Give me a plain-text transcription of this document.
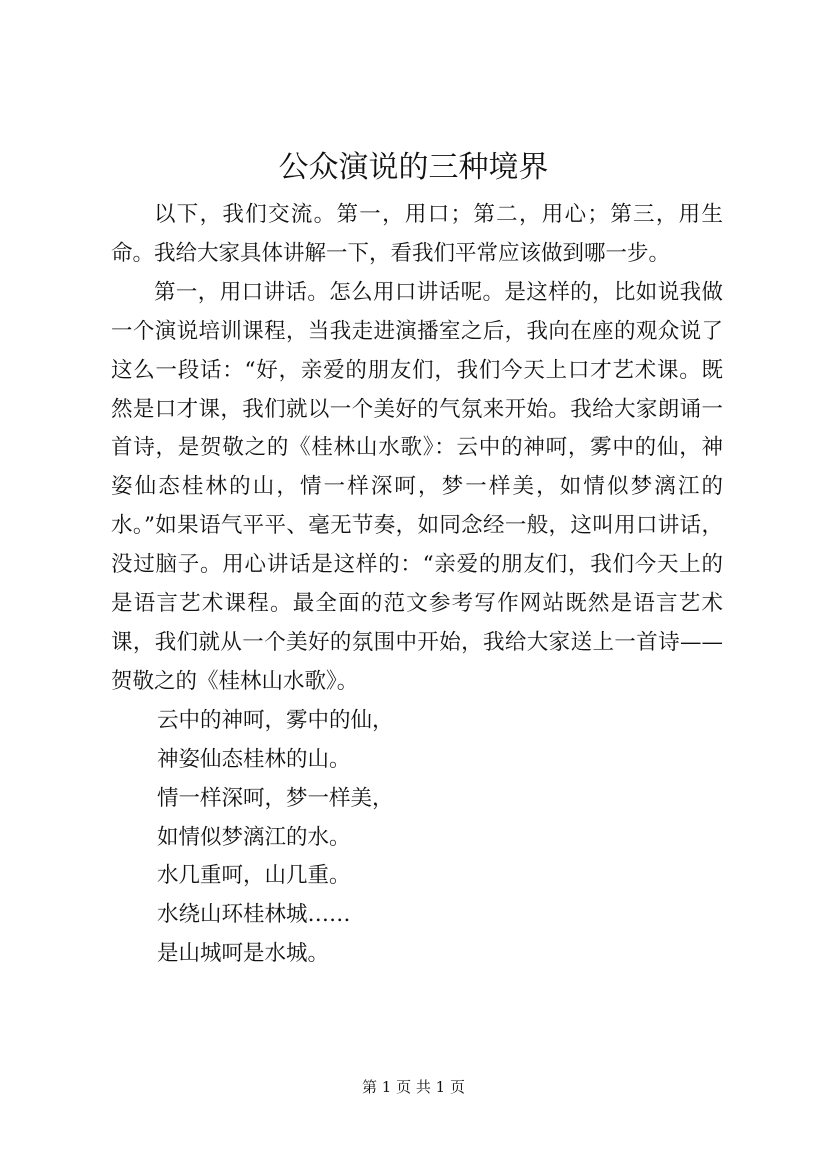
公众演说的三种境界

以下，我们交流。第一，用口；第二，用心；第三，用生命。我给大家具体讲解一下，看我们平常应该做到哪一步。

第一，用口讲话。怎么用口讲话呢。是这样的，比如说我做一个演说培训课程，当我走进演播室之后，我向在座的观众说了这么一段话：“好，亲爱的朋友们，我们今天上口才艺术课。既然是口才课，我们就以一个美好的气氛来开始。我给大家朗诵一首诗，是贺敬之的《桂林山水歌》：云中的神呵，雾中的仙，神姿仙态桂林的山，情一样深呵，梦一样美，如情似梦漓江的水。”如果语气平平、毫无节奏，如同念经一般，这叫用口讲话，没过脑子。用心讲话是这样的：“亲爱的朋友们，我们今天上的是语言艺术课程。最全面的范文参考写作网站既然是语言艺术课，我们就从一个美好的氛围中开始，我给大家送上一首诗——贺敬之的《桂林山水歌》。

云中的神呵，雾中的仙，

神姿仙态桂林的山。

情一样深呵，梦一样美，

如情似梦漓江的水。

水几重呵，山几重。

水绕山环桂林城……

是山城呵是水城。

第 1 页 共 1 页
